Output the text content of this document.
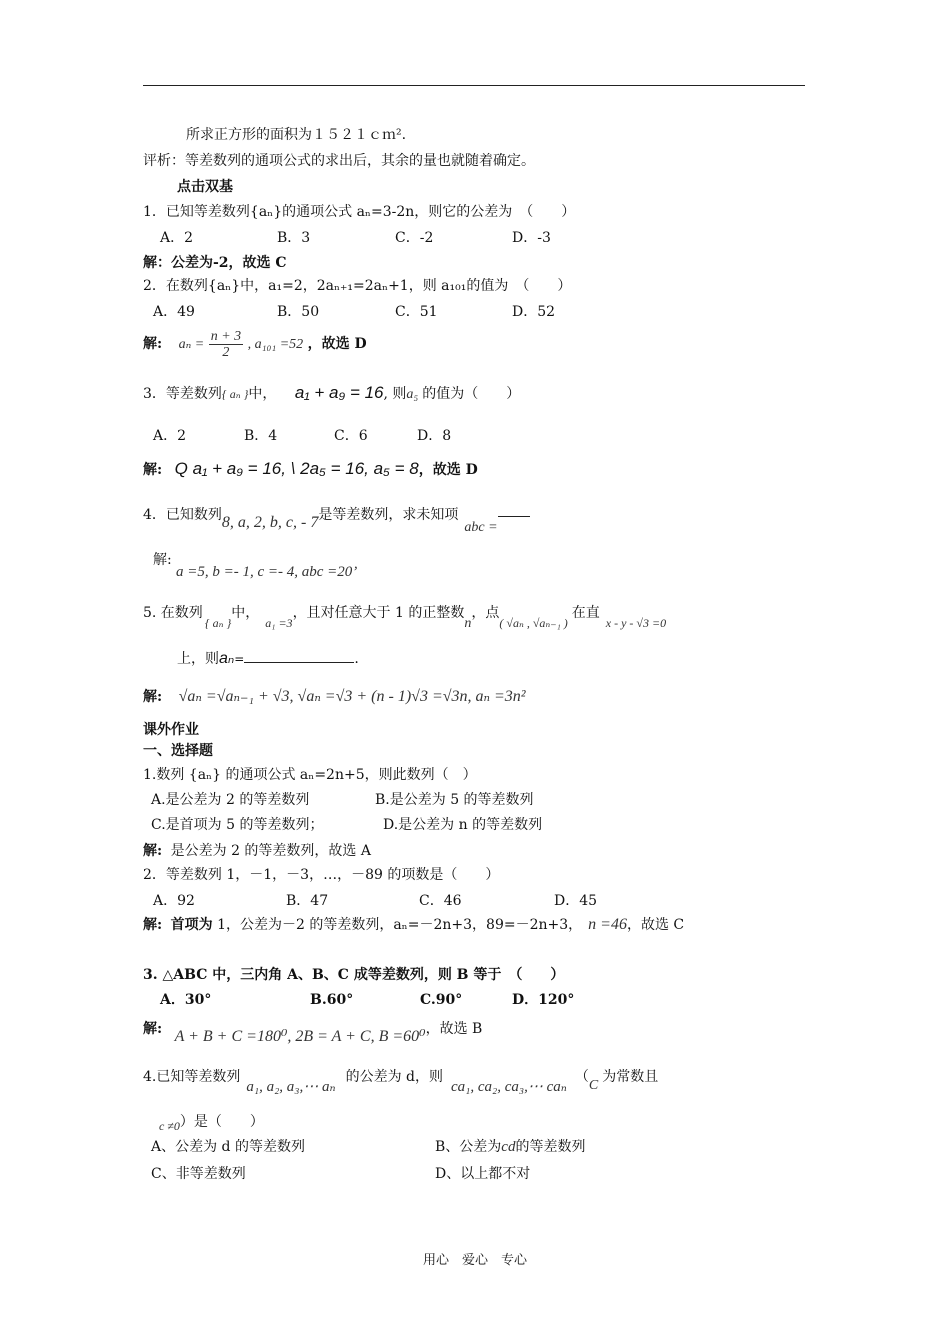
所求正方形的面积为１５２１ｃｍ².
评析：等差数列的通项公式的求出后，其余的量也就随着确定。
点击双基
1．已知等差数列{aₙ}的通项公式 aₙ=3-2n，则它的公差为　（　　）
A．2	B．3	C．-2	D．-3
解：公差为-2，故选 C
2．在数列{aₙ}中，a₁=2，2aₙ₊₁=2aₙ+1，则 a₁₀₁的值为　（　　）
A．49	B．50	C．51	D．52
解: $a_n = \frac{n + 3}{2}$ , a₁₀₁ =52 ，故选 D
3．等差数列{ aₙ }中， a₁ + a₉ = 16, 则a₅ 的值为（　　）
A．2	B．4	C．6	D．8
解: Q a₁ + a₉ = 16, \ 2a₅ = 16, a₅ = 8，故选 D
4．已知数列8, a, 2, b, c, - 7是等差数列，求未知项abc =
解:
a =5, b =- 1, c =- 4, abc =20’
5. 在数列{ aₙ }中，a₁ =3，且对任意大于 1 的正整数n，点( √aₙ , √aₙ₋₁ )在直x - y - √3 =0
上，则aₙ=	.
解: √aₙ =√aₙ₋₁ + √3, √aₙ =√3 + (n - 1)√3 =√3n, aₙ =3n²
课外作业
一、选择题
1.数列 {aₙ} 的通项公式 aₙ=2n+5，则此数列（　）
A.是公差为 2 的等差数列	B.是公差为 5 的等差数列
C.是首项为 5 的等差数列；	D.是公差为 n 的等差数列
解: 是公差为 2 的等差数列，故选 A
2．等差数列 1，－1，－3，…，－89 的项数是（　　）
A．92	B．47	C．46	D．45
解: 首项为 1，公差为－2 的等差数列，aₙ=－2n+3，89=－2n+3， n =46，故选 C
3. △ABC 中，三内角 A、B、C 成等差数列，则 B 等于　（　　）
A．30°	B.60°	C.90°	D．120°
解: A + B + C =180⁰, 2B = A + C, B =60⁰，故选 B
4.已知等差数列a₁, a₂, a₃,⋯ aₙ的公差为 d，则ca₁, ca₂, ca₃,⋯ caₙ（C为常数且
c ≠0）是（　　）
A、公差为 d 的等差数列	B、公差为cd的等差数列
C、非等差数列	D、以上都不对
用心　爱心　专心
